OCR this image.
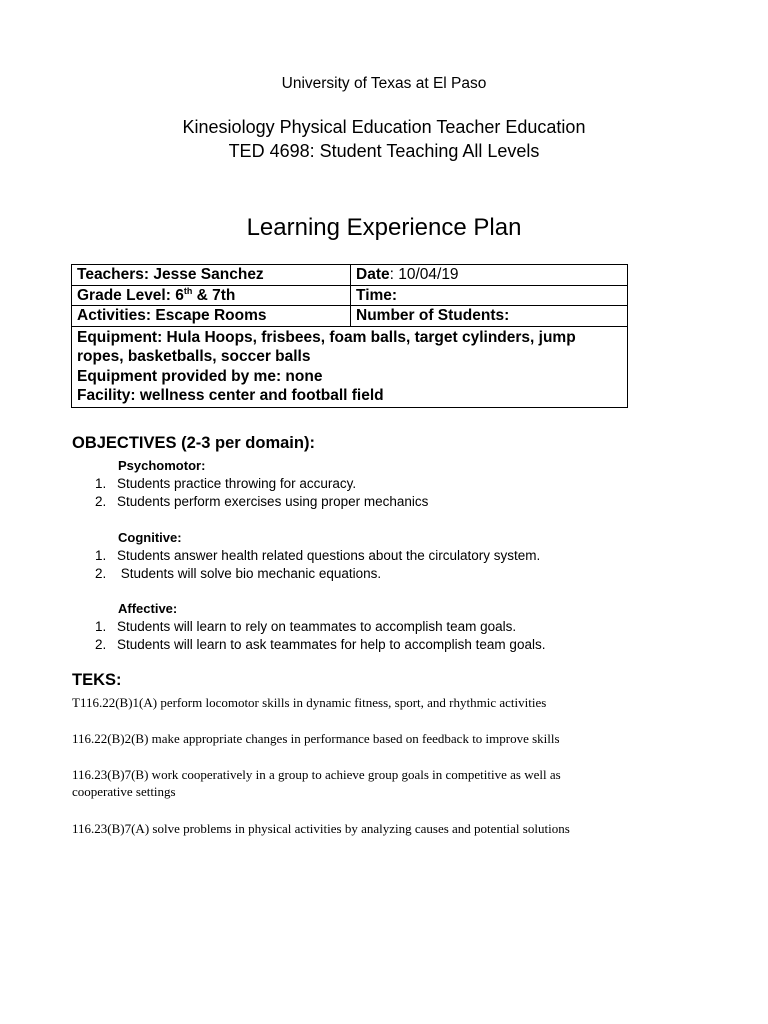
University of Texas at El Paso
Kinesiology Physical Education Teacher Education
TED 4698: Student Teaching All Levels
Learning Experience Plan
Teachers: Jesse Sanchez	Date: 10/04/19
Grade Level: 6th & 7th	Time:
Activities: Escape Rooms	Number of Students:

Equipment: Hula Hoops, frisbees, foam balls, target cylinders, jump ropes, basketballs, soccer balls
Equipment provided by me: none
Facility: wellness center and football field	
OBJECTIVES (2-3 per domain):
Psychomotor:
1. Students practice throwing for accuracy.
2. Students perform exercises using proper mechanics
Cognitive:
1. Students answer health related questions about the circulatory system.
2. Students will solve bio mechanic equations.
Affective:
1. Students will learn to rely on teammates to accomplish team goals.
2. Students will learn to ask teammates for help to accomplish team goals.
TEKS:
T116.22(B)1(A) perform locomotor skills in dynamic fitness, sport, and rhythmic activities
116.22(B)2(B) make appropriate changes in performance based on feedback to improve skills
116.23(B)7(B) work cooperatively in a group to achieve group goals in competitive as well as
cooperative settings
116.23(B)7(A) solve problems in physical activities by analyzing causes and potential solutions
